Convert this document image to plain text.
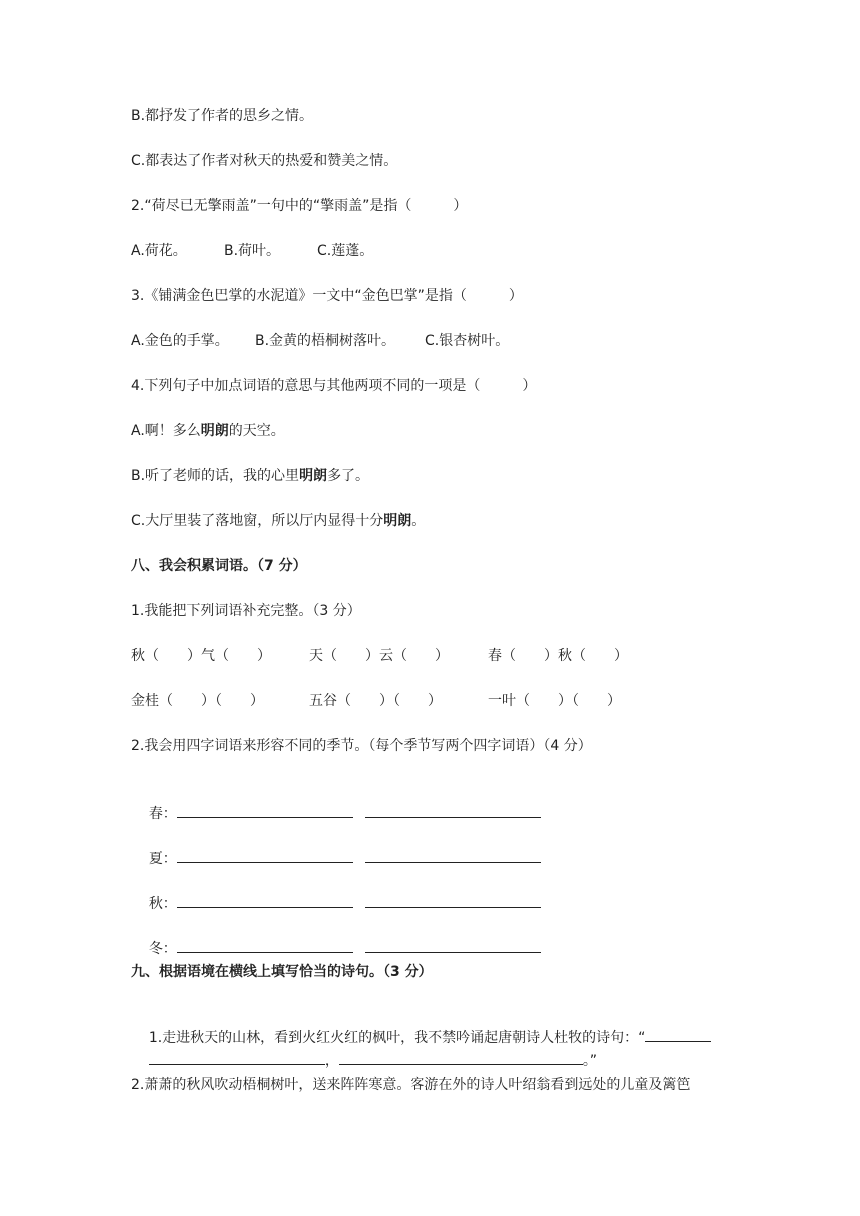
B.都抒发了作者的思乡之情。

C.都表达了作者对秋天的热爱和赞美之情。

2.“荷尽已无擎雨盖”一句中的“擎雨盖”是指（　　　）

A.荷花。	B.荷叶。	C.莲蓬。

3.《铺满金色巴掌的水泥道》一文中“金色巴掌”是指（　　　）

A.金色的手掌。	B.金黄的梧桐树落叶。	C.银杏树叶。

4.下列句子中加点词语的意思与其他两项不同的一项是（　　　）

A.啊！多么明朗的天空。

B.听了老师的话，我的心里明朗多了。

C.大厅里装了落地窗，所以厅内显得十分明朗。

八、我会积累词语。（7 分）

1.我能把下列词语补充完整。（3 分）

秋（　　）气（　　）	天（　　）云（　　）	春（　　）秋（　　）
金桂（　　）（　　）	五谷（　　）（　　）	一叶（　　）（　　）

2.我会用四字词语来形容不同的季节。（每个季节写两个四字词语）（4 分）

春：

夏：

秋：

冬：

九、根据语境在横线上填写恰当的诗句。（3 分）

1.走进秋天的山林，看到火红火红的枫叶，我不禁吟诵起唐朝诗人杜牧的诗句：“

，	。”

2.萧萧的秋风吹动梧桐树叶，送来阵阵寒意。客游在外的诗人叶绍翁看到远处的儿童及篱笆
